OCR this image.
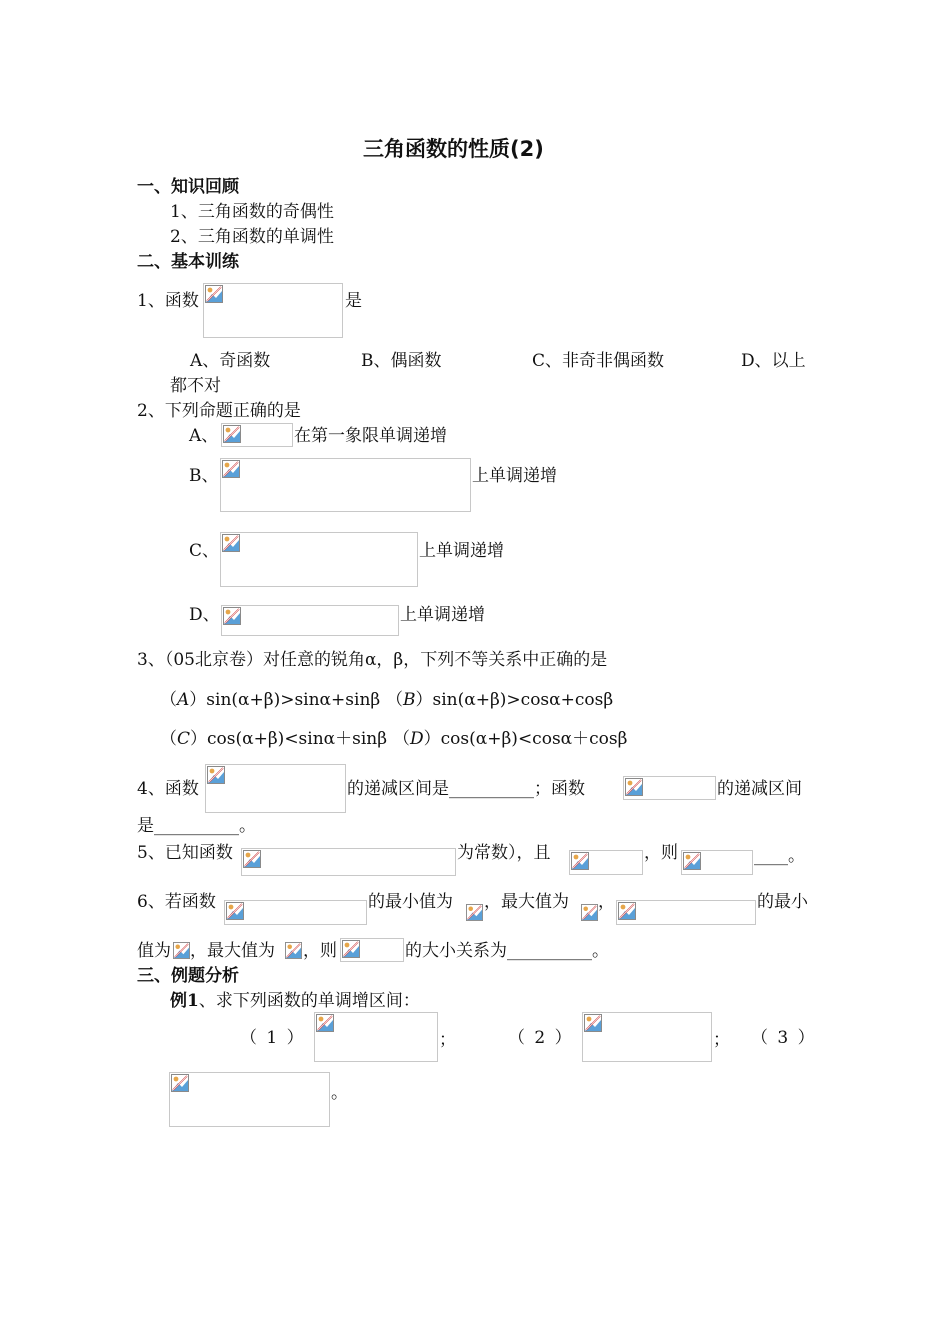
三角函数的性质(2)
一、知识回顾
1、三角函数的奇偶性
2、三角函数的单调性
二、基本训练
1、函数	是
A、奇函数	B、偶函数	C、非奇非偶函数	D、以上
都不对
2、下列命题正确的是
A、	在第一象限单调递增
B、	上单调递增
C、	上单调递增
D、	上单调递增
3、（05北京卷）对任意的锐角α，β，下列不等关系中正确的是
（A）sin(α+β)>sinα+sinβ （B）sin(α+β)>cosα+cosβ
（C）cos(α+β)<sinα＋sinβ （D）cos(α+β)<cosα＋cosβ
4、函数	的递减区间是__________；函数	的递减区间
是__________。
5、已知函数	为常数），且	，则	____。
6、若函数	的最小值为 ，最大值为 ，	的最小
值为 ，最大值为 ，则	的大小关系为__________。
三、例题分析
例1、求下列函数的单调增区间：
（ 1 ）	；	（ 2 ）	； （ 3 ）
。
